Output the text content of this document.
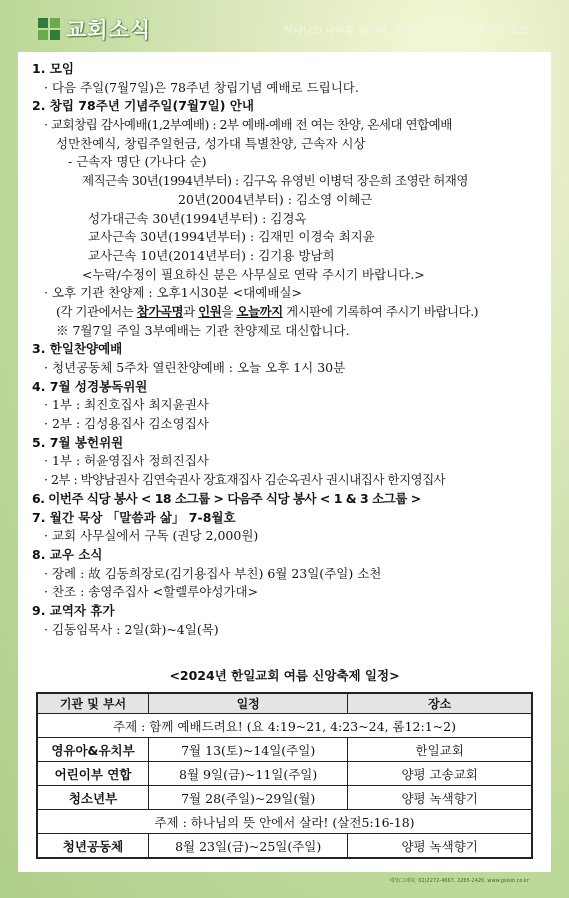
교회소식	하나님의 나라를 꿈꾸며, 하나님의 사람을 세워가는 교회
1. 모임
· 다음 주일(7월7일)은 78주년 창립기념 예배로 드립니다.
2. 창립 78주년 기념주일(7월7일) 안내
· 교회창립 감사예배(1,2부예배) : 2부 예배-예배 전 여는 찬양, 온세대 연합예배
성만찬예식, 창립주일헌금, 성가대 특별찬양, 근속자 시상
- 근속자 명단 (가나다 순)
제직근속 30년(1994년부터) : 김구옥 유영빈 이병덕 장은희 조영란 허재영
20년(2004년부터) : 김소영 이혜근
성가대근속 30년(1994년부터) : 김경옥
교사근속 30년(1994년부터) : 김재민 이경숙 최지윤
교사근속 10년(2014년부터) : 김기용 방남희
<누락/수정이 필요하신 분은 사무실로 연락 주시기 바랍니다.>
· 오후 기관 찬양제 : 오후1시30분 <대예배실>
(각 기관에서는 참가곡명과 인원을 오늘까지 게시판에 기록하여 주시기 바랍니다.)
※ 7월7일 주일 3부예배는 기관 찬양제로 대신합니다.
3. 한일찬양예배
· 청년공동체 5주차 열린찬양예배 : 오늘 오후 1시 30분
4. 7월 성경봉독위원
· 1부 : 최진호집사 최지윤권사
· 2부 : 김성용집사 김소영집사
5. 7월 봉헌위원
· 1부 : 허윤영집사 정희진집사
· 2부 : 박양남권사 김연숙권사 장효재집사 김순옥권사 권시내집사 한지영집사
6. 이번주 식당 봉사 < 18 소그룹 > 다음주 식당 봉사 < 1 & 3 소그룹 >
7. 월간 묵상 「말씀과 삶」 7-8월호
· 교회 사무실에서 구독 (권당 2,000원)
8. 교우 소식
· 장례 : 故 김동희장로(김기용집사 부친) 6월 23일(주일) 소천
· 찬조 : 송영주집사 <할렐루야성가대>
9. 교역자 휴가
· 김동임목사 : 2일(화)~4일(목)
<2024년 한일교회 여름 신앙축제 일정>
기관 및 부서	일정	장소
주제 : 함께 예배드려요! (요 4:19~21, 4:23~24, 롬12:1~2)		
영유아&유치부	7월 13(토)~14일(주일)	한일교회
어린이부 연합	8월 9일(금)~11일(주일)	양평 고송교회
청소년부	7월 28(주일)~29일(월)	양평 녹색향기
주제 : 하나님의 뜻 안에서 살라! (살전5:16-18)		
청년공동체	8월 23일(금)~25일(주일)	양평 녹색향기
제작/그래픽: 02)2272-4667, 2265-2420, www.gsisin.co.kr
